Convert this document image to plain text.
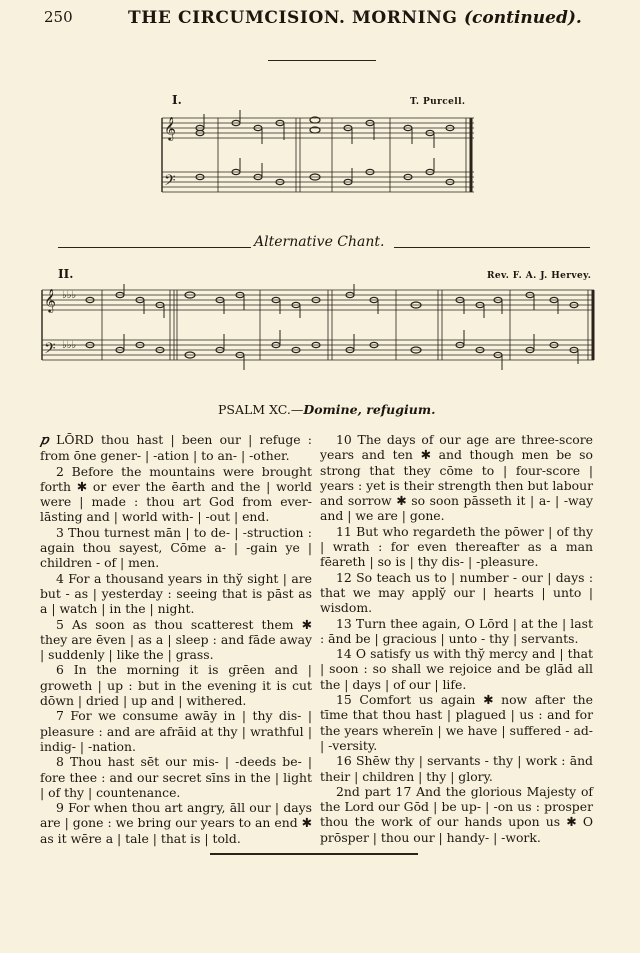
250	THE CIRCUMCISION. MORNING (continued).
I.	T. Purcell.
𝄞
𝄢
Alternative Chant.
II.	Rev. F. A. J. Hervey.
𝄞
𝄢
♭♭♭
♭♭♭
PSALM XC.—Domine, refugium.

𝑝 LŌRD thou hast | been our | refuge : from ōne gener- | -ation | to an- | -other.

2 Before the mountains were brought forth ✱ or ever the ēarth and the | world were | made : thou art God from ever-lāsting and | world with- | -out | end.

3 Thou turnest mān | to de- | -struction : again thou sayest, Cōme a- | -gain ye | children - of | men.

4 For a thousand years in thy̆ sight | are but - as | yesterday : seeing that is pāst as a | watch | in the | night.

5 As soon as thou scatterest them ✱ they are ēven | as a | sleep : and fāde away | suddenly | like the | grass.

6 In the morning it is grēen and | groweth | up : but in the evening it is cut dōwn | dried | up and | withered.

7 For we consume awāy in | thy dis- | pleasure : and are afrāid at thy | wrathful | indig- | -nation.

8 Thou hast sēt our mis- | -deeds be- | fore thee : and our secret sīns in the | light | of thy | countenance.

9 For when thou art angry, āll our | days are | gone : we bring our years to an end ✱ as it wēre a | tale | that is | told.

10 The days of our age are three-score years and ten ✱ and though men be so strong that they cōme to | four-score | years : yet is their strength then but labour and sorrow ✱ so soon pāsseth it | a- | -way and | we are | gone.

11 But who regardeth the pōwer | of thy | wrath : for even thereafter as a man fēareth | so is | thy dis- | -pleasure.

12 So teach us to | number - our | days : that we may apply̆ our | hearts | unto | wisdom.

13 Turn thee again, O Lōrd | at the | last : ānd be | gracious | unto - thy | servants.

14 O satisfy us with thy̆ mercy and | that | soon : so shall we rejoice and be glād all the | days | of our | life.

15 Comfort us again ✱ now after the tīme that thou hast | plagued | us : and for the years whereīn | we have | suffered - ad- | -versity.

16 Shēw thy | servants - thy | work : ānd their | children | thy | glory.

2nd part 17 And the glorious Majesty of the Lord our Gōd | be up- | -on us : prosper thou the work of our hands upon us ✱ O prōsper | thou our | handy- | -work.
